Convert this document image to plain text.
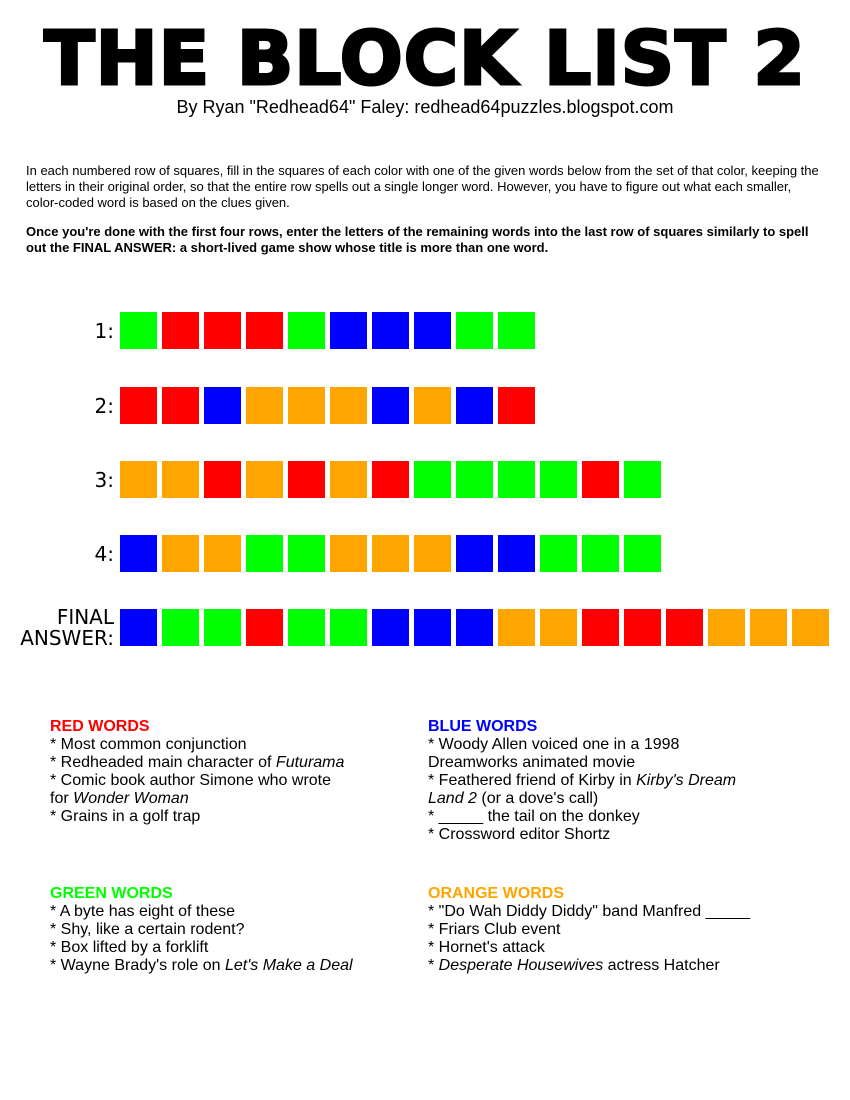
THE BLOCK LIST 2
By Ryan "Redhead64" Faley: redhead64puzzles.blogspot.com

In each numbered row of squares, fill in the squares of each color with one of the given words below from the set of that color, keeping the letters in their original order, so that the entire row spells out a single longer word. However, you have to figure out what each smaller, color-coded word is based on the clues given.

Once you're done with the first four rows, enter the letters of the remaining words into the last row of squares similarly to spell out the FINAL ANSWER: a short-lived game show whose title is more than one word.

1:
2:
3:
4:
FINAL
ANSWER:
RED WORDS
* Most common conjunction
* Redheaded main character of Futurama
* Comic book author Simone who wrote
for Wonder Woman
* Grains in a golf trap
BLUE WORDS
* Woody Allen voiced one in a 1998
Dreamworks animated movie
* Feathered friend of Kirby in Kirby's Dream
Land 2 (or a dove's call)
* _____ the tail on the donkey
* Crossword editor Shortz
GREEN WORDS
* A byte has eight of these
* Shy, like a certain rodent?
* Box lifted by a forklift
* Wayne Brady's role on Let's Make a Deal
ORANGE WORDS
* "Do Wah Diddy Diddy" band Manfred _____
* Friars Club event
* Hornet's attack
* Desperate Housewives actress Hatcher
